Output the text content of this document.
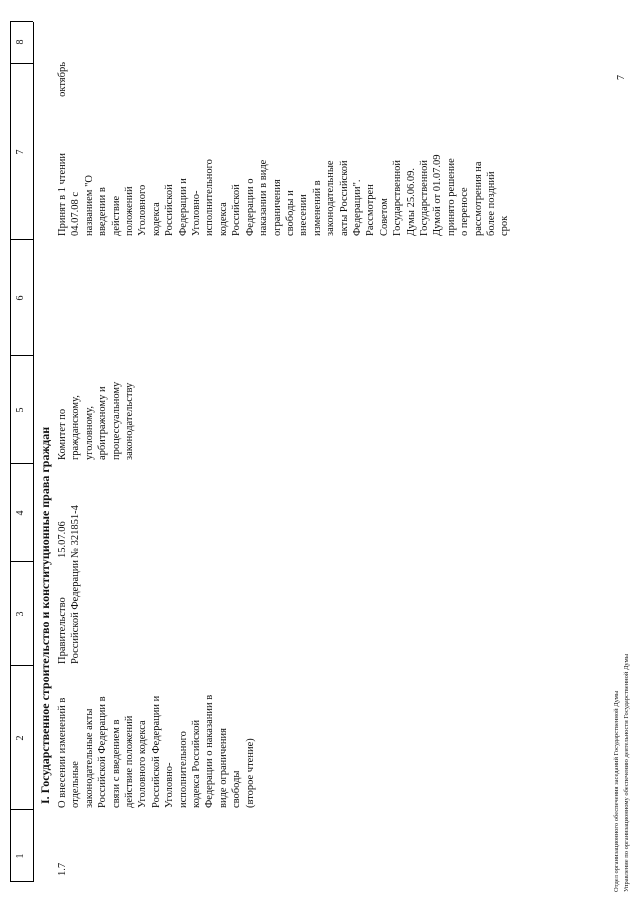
1
2
3
4
5
6
7
8
I. Государственное строительство и конституционные права граждан
1.7
О внесении изменений в отдельные законодательные акты Российской Федерации в связи с введением в действие положений Уголовного кодекса Российской Федерации и Уголовно- исполнительного кодекса Российской Федерации о наказании в виде ограничения свободы (второе чтение)
Правительство Российской Федерации
15.07.06 № 321851-4
Комитет по гражданскому, уголовному, арбитражному и процессуальному законодательству
Принят в 1 чтении 04.07.08 с названием "О введении в действие положений Уголовного кодекса Российской Федерации и Уголовно- исполнительного кодекса Российской Федерации о наказании в виде ограничения свободы и внесении изменений в законодательные акты Российской Федерации". Рассмотрен Советом Государственной Думы 25.06.09. Государственной Думой от 01.07.09 принято решение о переносе рассмотрения на более поздний срок
октябрь
Отдел организационного обеспечения заседаний Государственной Думы Управление по организационному обеспечению деятельности Государственной Думы
7
